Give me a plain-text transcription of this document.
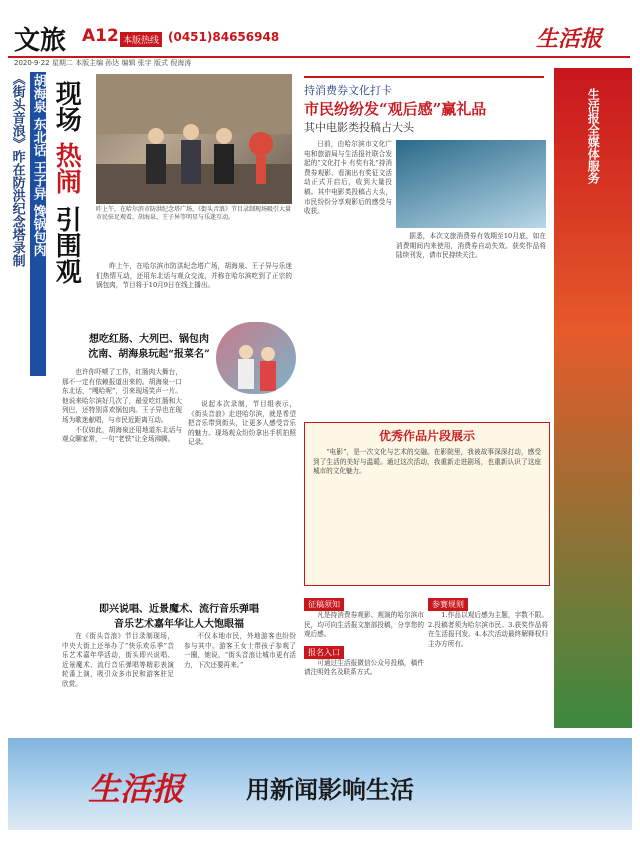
文旅 A12 本版热线 (0451)84656948	生活报
2020·9·22 星期二 本版主编 孙达 编辑 张宇 版式 倪海涛
《街头音浪》昨在防洪纪念塔录制 胡海泉 东北话 王子异 馋锅包肉 现场
热闹
引围观 昨上午，在哈尔滨市防洪纪念塔广场，《街头音浪》节目录制现场吸引大量市民驻足观看，胡海泉、王子异等明星与乐迷互动。

昨上午，在哈尔滨市防洪纪念塔广场，胡海泉、王子异与乐迷们热情互动，还用东北话与观众交流，并称在哈尔滨吃到了正宗的锅包肉，节目将于10月9日在线上播出。

想吃红肠、大列巴、锅包肉
沈南、胡海泉玩起“报菜名”

也许你吓唬了工作，红肠肉大舞台，那不一定有依赖报道出来的。胡海泉一口东北话，“嘎哈呢”，引来现场笑声一片。他说来哈尔滨好几次了，最爱吃红肠和大列巴，还特别喜欢锅包肉。王子异也在现场为歌迷献唱，与市民近距离互动。

不仅如此，胡海泉还用地道东北话与观众聊家常，一句“老铁”让全场沸腾。

说起本次录制，节目组表示，《街头音浪》走进哈尔滨，就是希望把音乐带到街头，让更多人感受音乐的魅力。现场观众纷纷拿出手机拍照记录。

即兴说唱、近景魔术、流行音乐弹唱
音乐艺术嘉年华让人大饱眼福

在《街头音浪》节目录制现场，中央大街上还举办了“快乐欢乐季”音乐艺术嘉年华活动，街头即兴说唱、近景魔术、流行音乐弹唱等精彩表演轮番上演，吸引众多市民和游客驻足欣赏。

不仅本地市民，外地游客也纷纷参与其中。游客王女士带孩子参观了一圈，她说，“街头音浪让城市更有活力，下次还要再来。”

持消费券文化打卡
市民纷纷发“观后感”赢礼品
其中电影类投稿占大头

日前，由哈尔滨市文化广电和旅游局与生活报社联合发起的“文化打卡 有奖有礼”持消费券观影、看演出有奖征文活动正式开启后，收到大量投稿。其中电影类投稿占大头，市民纷纷分享观影后的感受与收获。

据悉，本次文旅消费券有效期至10月底，如在消费期间内来使用，消费券自动失效。获奖作品将陆续刊发，请市民持续关注。

优秀作品片段展示

“电影”，是一次文化与艺术的交融。在影院里，我被故事深深打动，感受到了生活的美好与温暖。通过这次活动，我重新走进剧场，也重新认识了这座城市的文化魅力。

征稿须知

凡是持消费券观影、观演的哈尔滨市民，均可向生活报文旅部投稿，分享您的观后感。

报名入口

可通过生活报微信公众号投稿，稿件请注明姓名及联系方式。

参赛规则

1.作品以观后感为主题，字数不限。2.投稿者须为哈尔滨市民。3.获奖作品将在生活报刊发。4.本次活动最终解释权归主办方所有。

生活报全媒体服务
生活报	用新闻影响生活
